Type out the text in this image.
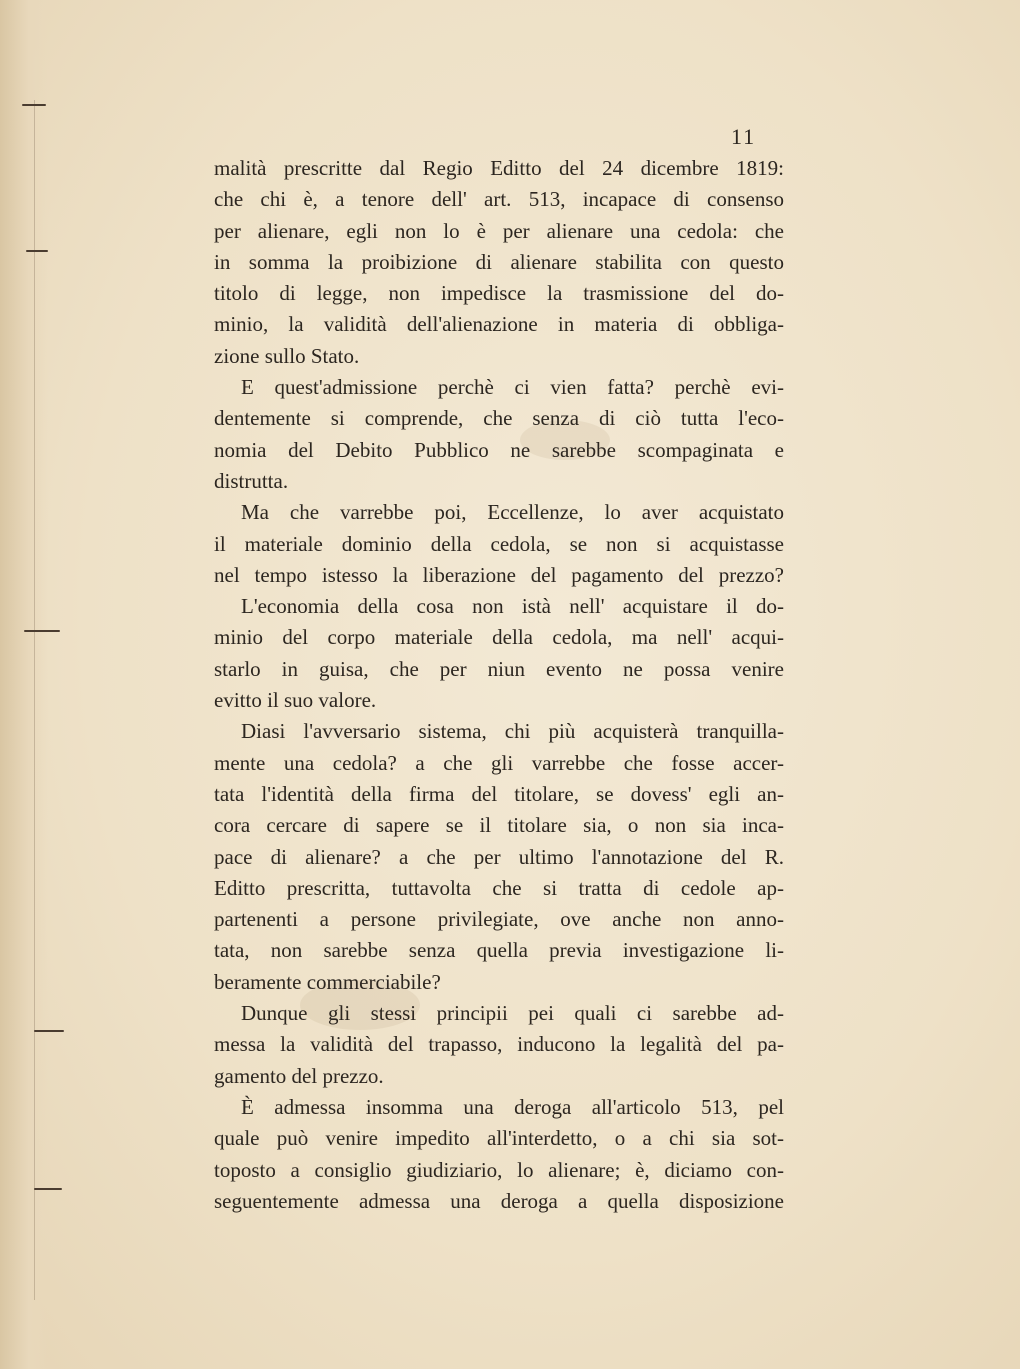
11

malità prescritte dal Regio Editto del 24 dicembre 1819:

che chi è, a tenore dell' art. 513, incapace di consenso

per alienare, egli non lo è per alienare una cedola: che

in somma la proibizione di alienare stabilita con questo

titolo di legge, non impedisce la trasmissione del do-

minio, la validità dell'alienazione in materia di obbliga-

zione sullo Stato.

E quest'admissione perchè ci vien fatta? perchè evi-

dentemente si comprende, che senza di ciò tutta l'eco-

nomia del Debito Pubblico ne sarebbe scompaginata e

distrutta.

Ma che varrebbe poi, Eccellenze, lo aver acquistato

il materiale dominio della cedola, se non si acquistasse

nel tempo istesso la liberazione del pagamento del prezzo?

L'economia della cosa non istà nell' acquistare il do-

minio del corpo materiale della cedola, ma nell' acqui-

starlo in guisa, che per niun evento ne possa venire

evitto il suo valore.

Diasi l'avversario sistema, chi più acquisterà tranquilla-

mente una cedola? a che gli varrebbe che fosse accer-

tata l'identità della firma del titolare, se dovess' egli an-

cora cercare di sapere se il titolare sia, o non sia inca-

pace di alienare? a che per ultimo l'annotazione del R.

Editto prescritta, tuttavolta che si tratta di cedole ap-

partenenti a persone privilegiate, ove anche non anno-

tata, non sarebbe senza quella previa investigazione li-

beramente commerciabile?

Dunque gli stessi principii pei quali ci sarebbe ad-

messa la validità del trapasso, inducono la legalità del pa-

gamento del prezzo.

È admessa insomma una deroga all'articolo 513, pel

quale può venire impedito all'interdetto, o a chi sia sot-

toposto a consiglio giudiziario, lo alienare; è, diciamo con-

seguentemente admessa una deroga a quella disposizione
